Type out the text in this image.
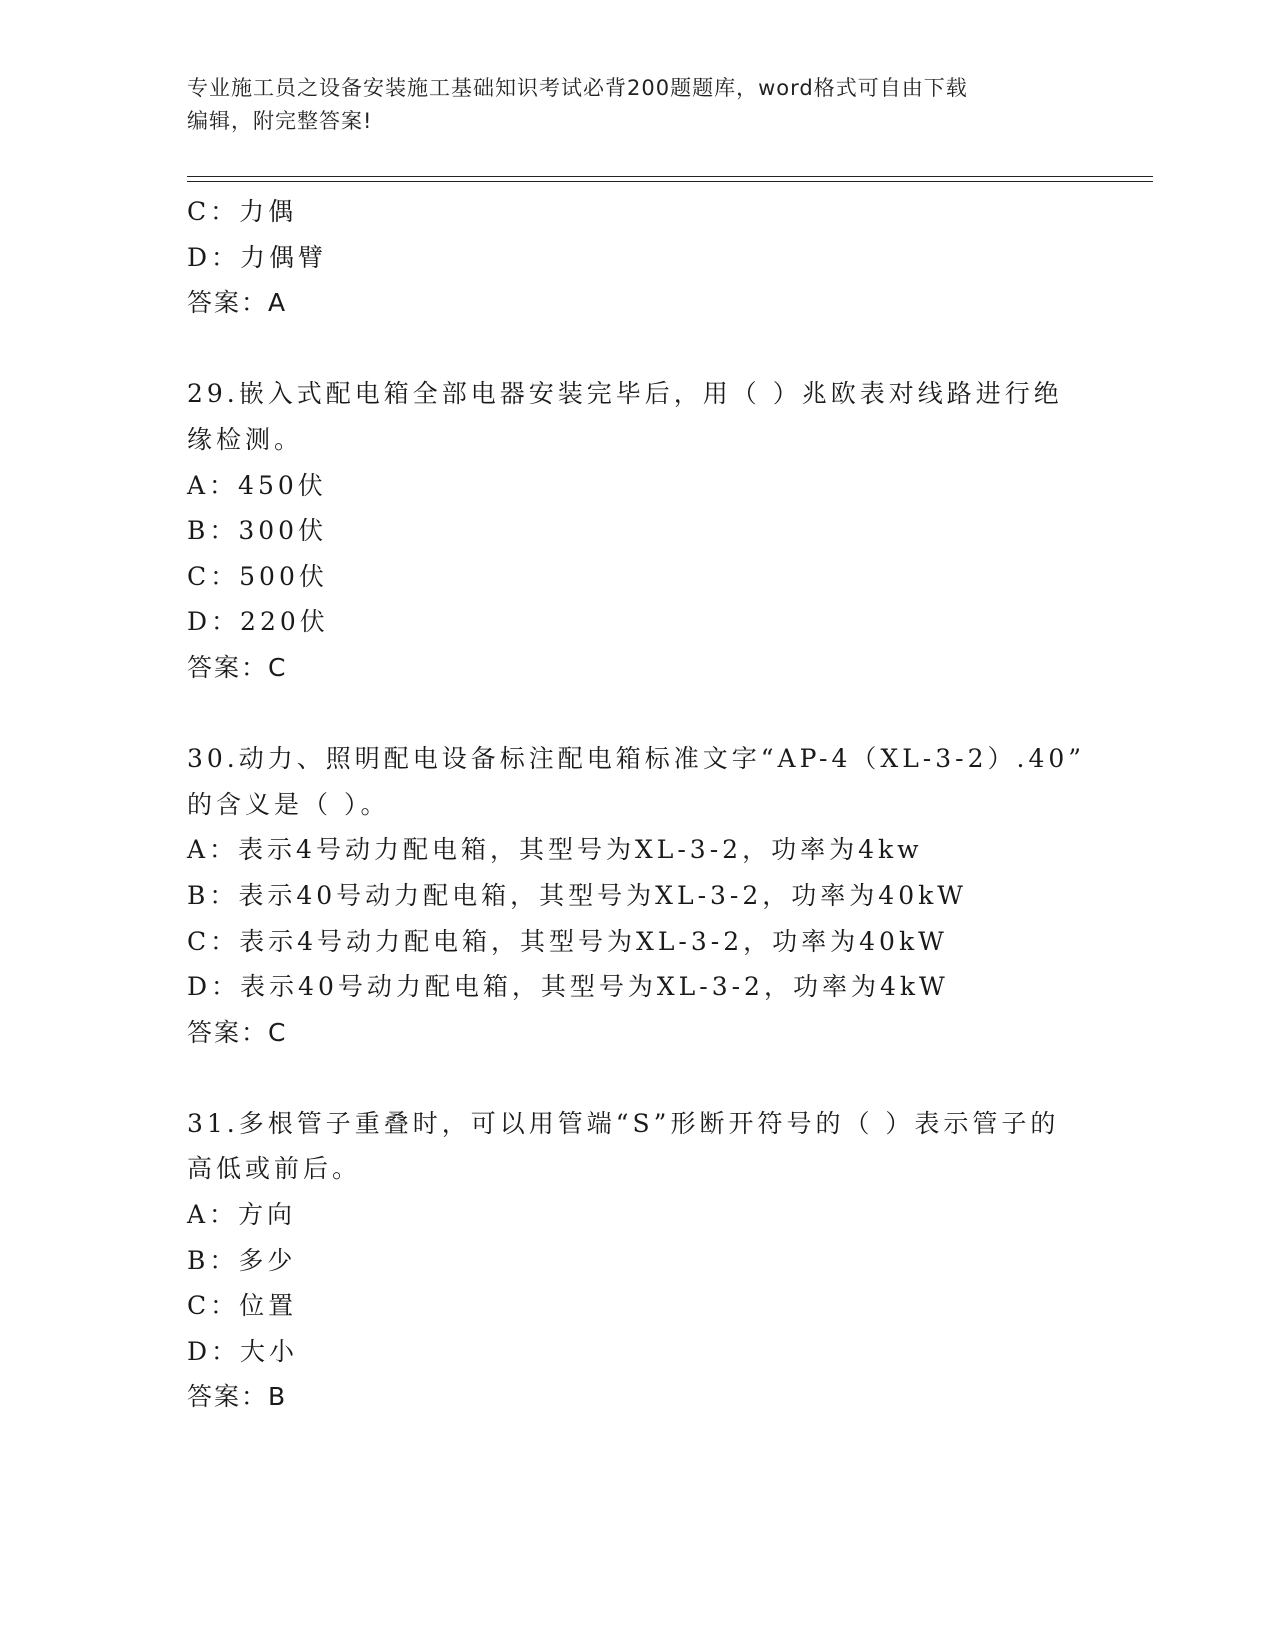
专业施工员之设备安装施工基础知识考试必背200题题库，word格式可自由下载
编辑，附完整答案!
C：力偶
D：力偶臂
答案：A
29.嵌入式配电箱全部电器安装完毕后，用（ ）兆欧表对线路进行绝
缘检测。
A：450伏
B：300伏
C：500伏
D：220伏
答案：C
30.动力、照明配电设备标注配电箱标准文字“AP-4（XL-3-2）.40”
的含义是（ ）。
A：表示4号动力配电箱，其型号为XL-3-2，功率为4kw
B：表示40号动力配电箱，其型号为XL-3-2，功率为40kW
C：表示4号动力配电箱，其型号为XL-3-2，功率为40kW
D：表示40号动力配电箱，其型号为XL-3-2，功率为4kW
答案：C
31.多根管子重叠时，可以用管端“S”形断开符号的（ ）表示管子的
高低或前后。
A：方向
B：多少
C：位置
D：大小
答案：B
